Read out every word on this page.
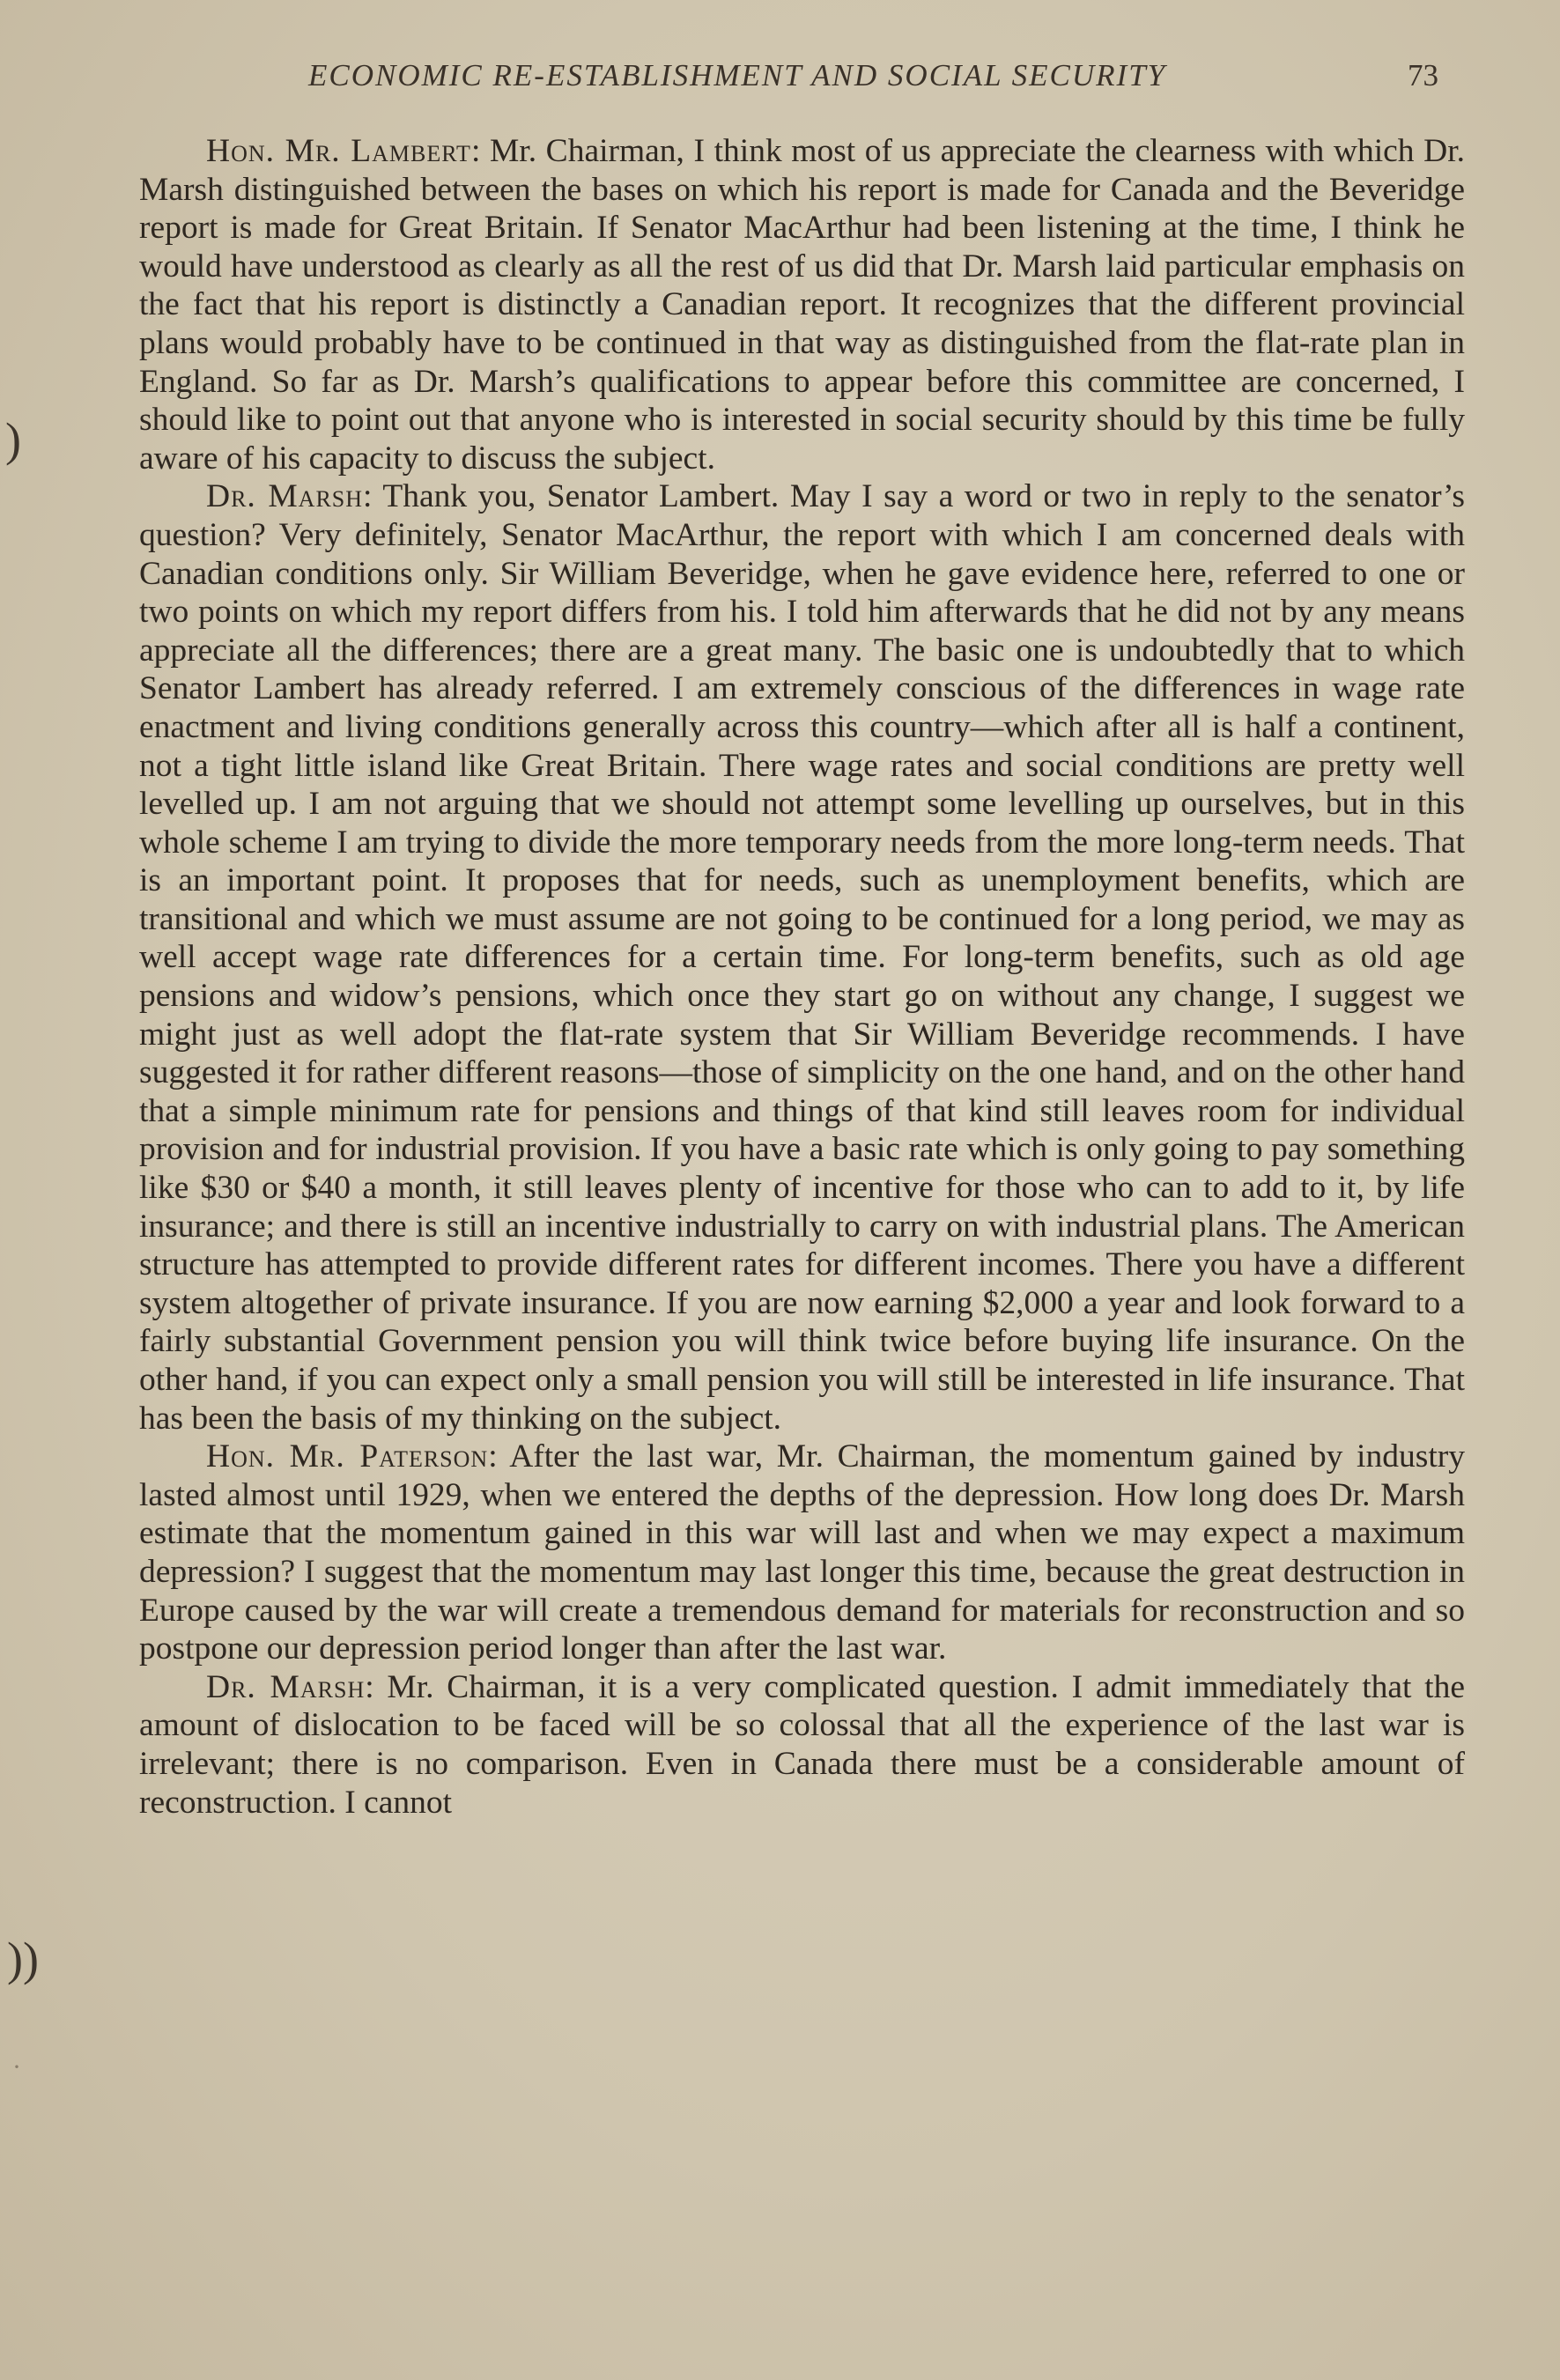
ECONOMIC RE-ESTABLISHMENT AND SOCIAL SECURITY	73
)
))
·

Hon. Mr. Lambert: Mr. Chairman, I think most of us appreciate the clearness with which Dr. Marsh distinguished between the bases on which his report is made for Canada and the Beveridge report is made for Great Britain. If Senator MacArthur had been listening at the time, I think he would have understood as clearly as all the rest of us did that Dr. Marsh laid particular emphasis on the fact that his report is distinctly a Canadian report. It recognizes that the different provincial plans would probably have to be continued in that way as distinguished from the flat-rate plan in England. So far as Dr. Marsh’s qualifications to appear before this committee are concerned, I should like to point out that anyone who is interested in social security should by this time be fully aware of his capacity to discuss the subject.

Dr. Marsh: Thank you, Senator Lambert. May I say a word or two in reply to the senator’s question? Very definitely, Senator MacArthur, the report with which I am concerned deals with Canadian conditions only. Sir William Beveridge, when he gave evidence here, referred to one or two points on which my report differs from his. I told him afterwards that he did not by any means appreciate all the differences; there are a great many. The basic one is undoubtedly that to which Senator Lambert has already referred. I am extremely conscious of the differences in wage rate enactment and living conditions generally across this country—which after all is half a continent, not a tight little island like Great Britain. There wage rates and social conditions are pretty well levelled up. I am not arguing that we should not attempt some levelling up ourselves, but in this whole scheme I am trying to divide the more temporary needs from the more long-term needs. That is an important point. It proposes that for needs, such as unemployment benefits, which are transitional and which we must assume are not going to be continued for a long period, we may as well accept wage rate differences for a certain time. For long-term benefits, such as old age pensions and widow’s pensions, which once they start go on without any change, I suggest we might just as well adopt the flat-rate system that Sir William Beveridge recommends. I have suggested it for rather different reasons—those of simplicity on the one hand, and on the other hand that a simple minimum rate for pensions and things of that kind still leaves room for individual provision and for industrial provision. If you have a basic rate which is only going to pay something like $30 or $40 a month, it still leaves plenty of incentive for those who can to add to it, by life insurance; and there is still an incentive industrially to carry on with industrial plans. The American structure has attempted to provide different rates for different incomes. There you have a different system altogether of private insurance. If you are now earning $2,000 a year and look forward to a fairly substantial Government pension you will think twice before buying life insurance. On the other hand, if you can expect only a small pension you will still be interested in life insurance. That has been the basis of my thinking on the subject.

Hon. Mr. Paterson: After the last war, Mr. Chairman, the momentum gained by industry lasted almost until 1929, when we entered the depths of the depression. How long does Dr. Marsh estimate that the momentum gained in this war will last and when we may expect a maximum depression? I suggest that the momentum may last longer this time, because the great destruction in Europe caused by the war will create a tremendous demand for materials for reconstruction and so postpone our depression period longer than after the last war.

Dr. Marsh: Mr. Chairman, it is a very complicated question. I admit immediately that the amount of dislocation to be faced will be so colossal that all the experience of the last war is irrelevant; there is no comparison. Even in Canada there must be a considerable amount of reconstruction. I cannot
